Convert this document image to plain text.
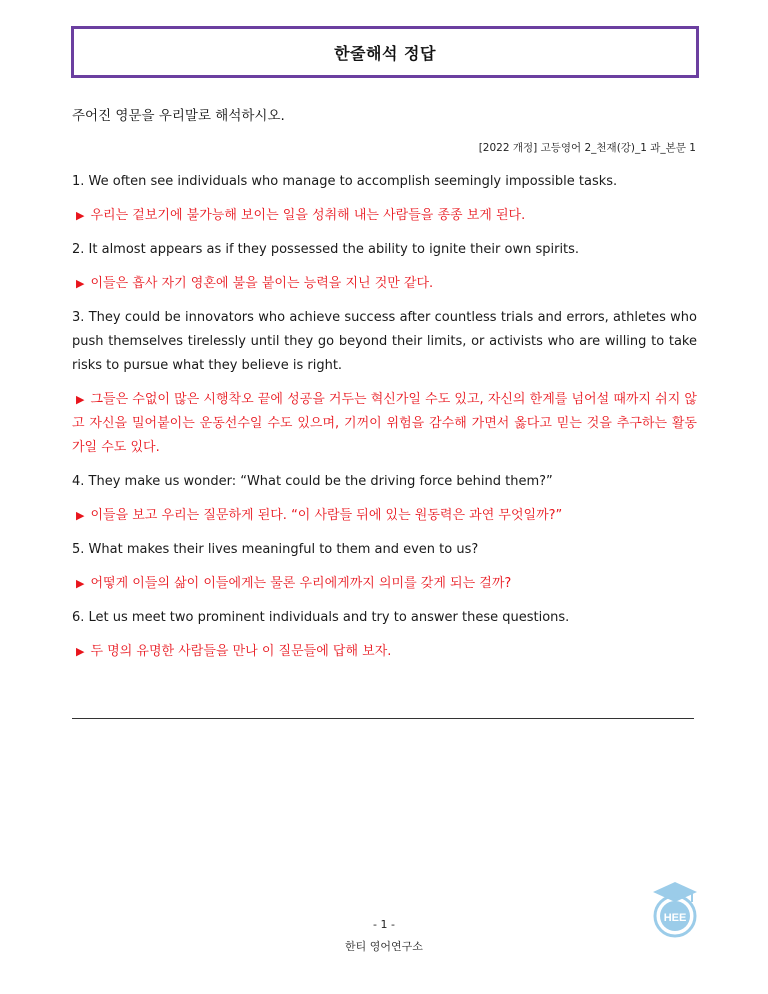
한줄해석 정답
주어진 영문을 우리말로 해석하시오.
[2022 개정] 고등영어 2_천재(강)_1 과_본문 1

1. We often see individuals who manage to accomplish seemingly impossible tasks.

▶ 우리는 겉보기에 불가능해 보이는 일을 성취해 내는 사람들을 종종 보게 된다.

2. It almost appears as if they possessed the ability to ignite their own spirits.

▶ 이들은 흡사 자기 영혼에 불을 붙이는 능력을 지닌 것만 같다.

3. They could be innovators who achieve success after countless trials and errors, athletes who push themselves tirelessly until they go beyond their limits, or activists who are willing to take risks to pursue what they believe is right.

▶ 그들은 수없이 많은 시행착오 끝에 성공을 거두는 혁신가일 수도 있고, 자신의 한계를 넘어설 때까지 쉬지 않고 자신을 밀어붙이는 운동선수일 수도 있으며, 기꺼이 위험을 감수해 가면서 옳다고 믿는 것을 추구하는 활동가일 수도 있다.

4. They make us wonder: “What could be the driving force behind them?”

▶ 이들을 보고 우리는 질문하게 된다. “이 사람들 뒤에 있는 원동력은 과연 무엇일까?”

5. What makes their lives meaningful to them and even to us?

▶ 어떻게 이들의 삶이 이들에게는 물론 우리에게까지 의미를 갖게 되는 걸까?

6. Let us meet two prominent individuals and try to answer these questions.

▶ 두 명의 유명한 사람들을 만나 이 질문들에 답해 보자.

- 1 -
한티 영어연구소
HEE
